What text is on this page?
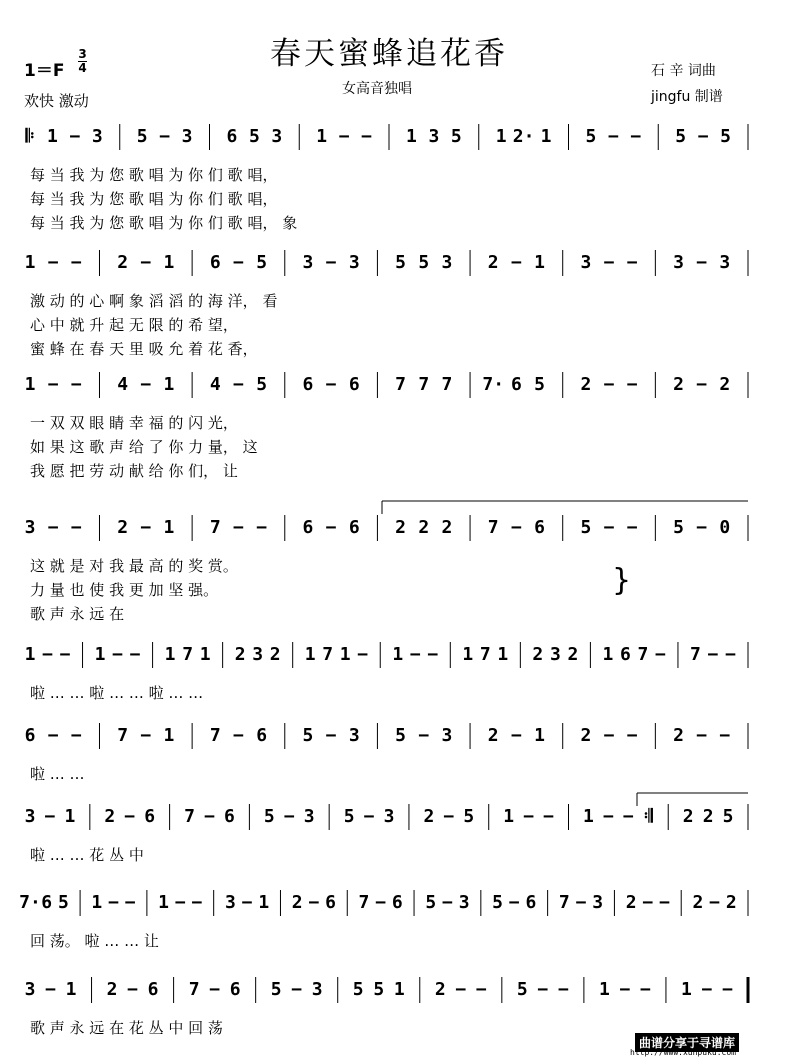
春天蜜蜂追花香
女高音独唱
1＝F
3
4
欢快 激动
石 辛 词曲
jingfu 制谱
𝄆 1 − 3 5 − 3 6 5 3 1 − − 1 3 5 1 2· 1 5 − − 5 − 5
每 当 我 为 您 歌 唱 为 你 们 歌 唱，
每 当 我 为 您 歌 唱 为 你 们 歌 唱，
每 当 我 为 您 歌 唱 为 你 们 歌 唱， 象
1 − − 2 − 1 6 − 5 3 − 3 5 5 3 2 − 1 3 − − 3 − 3
激 动 的 心 啊 象 滔 滔 的 海 洋， 看
心 中 就 升 起 无 限 的 希 望，
蜜 蜂 在 春 天 里 吸 允 着 花 香，
1 − − 4 − 1 4 − 5 6 − 6 7 7 7 7· 6 5 2 − − 2 − 2
一 双 双 眼 睛 幸 福 的 闪 光，
如 果 这 歌 声 给 了 你 力 量， 这
我 愿 把 劳 动 献 给 你 们， 让
3 − − 2 − 1 7 − − 6 − 6 2 2 2 7 − 6 5 − − 5 − 0
这 就 是 对 我 最 高 的 奖 赏。
力 量 也 使 我 更 加 坚 强。
歌 声 永 远 在
1 − − 1 − − 1 7 1 2 3 2 1 7 1 − 1 − − 1 7 1 2 3 2 1 6 7 − 7 − −
啦 … … 啦 … … 啦 … …
6 − − 7 − 1 7 − 6 5 − 3 5 − 3 2 − 1 2 − − 2 − −
啦 … …
3 − 1 2 − 6 7 − 6 5 − 3 5 − 3 2 − 5 1 − − 1 − − 𝄇 2 2 5
啦 … … 花 丛 中
7· 6 5 1 − − 1 − − 3 − 1 2 − 6 7 − 6 5 − 3 5 − 6 7 − 3 2 − − 2 − 2
回 荡。 啦 … … 让
3 − 1 2 − 6 7 − 6 5 − 3 5 5 1 2 − − 5 − − 1 − − 1 − −
歌 声 永 远 在 花 丛 中 回 荡
}
曲谱分享于寻谱库
http://www.xunpuku.com
